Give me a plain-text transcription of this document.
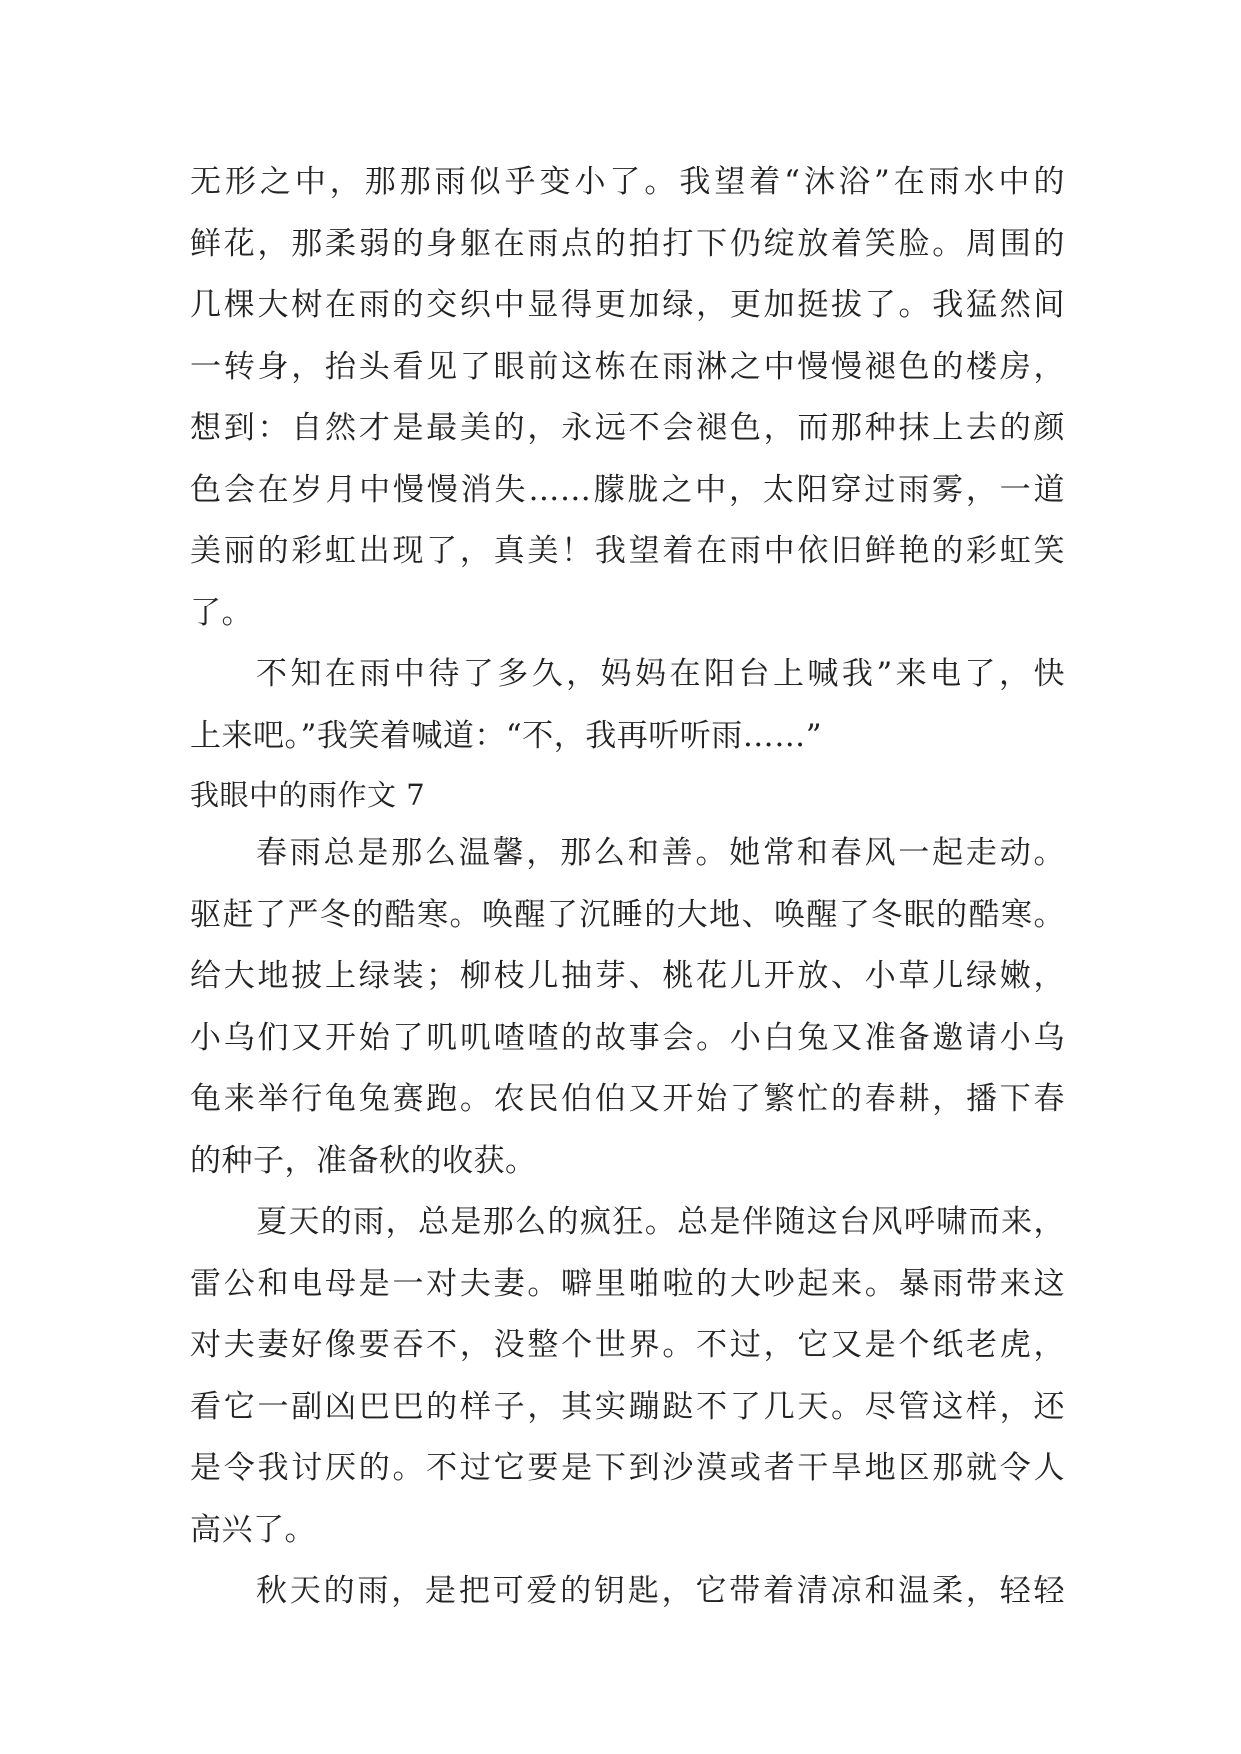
无形之中，那那雨似乎变小了。我望着“沐浴”在雨水中的
鲜花，那柔弱的身躯在雨点的拍打下仍绽放着笑脸。周围的
几棵大树在雨的交织中显得更加绿，更加挺拔了。我猛然间
一转身，抬头看见了眼前这栋在雨淋之中慢慢褪色的楼房，
想到：自然才是最美的，永远不会褪色，而那种抹上去的颜
色会在岁月中慢慢消失……朦胧之中，太阳穿过雨雾，一道
美丽的彩虹出现了，真美！我望着在雨中依旧鲜艳的彩虹笑
了。
不知在雨中待了多久，妈妈在阳台上喊我”来电了，快
上来吧。”我笑着喊道：“不，我再听听雨……”
我眼中的雨作文 7
春雨总是那么温馨，那么和善。她常和春风一起走动。
驱赶了严冬的酷寒。唤醒了沉睡的大地、唤醒了冬眠的酷寒。
给大地披上绿装；柳枝儿抽芽、桃花儿开放、小草儿绿嫩，
小乌们又开始了叽叽喳喳的故事会。小白兔又准备邀请小乌
龟来举行龟兔赛跑。农民伯伯又开始了繁忙的春耕，播下春
的种子，准备秋的收获。
夏天的雨，总是那么的疯狂。总是伴随这台风呼啸而来，
雷公和电母是一对夫妻。噼里啪啦的大吵起来。暴雨带来这
对夫妻好像要吞不，没整个世界。不过，它又是个纸老虎，
看它一副凶巴巴的样子，其实蹦跶不了几天。尽管这样，还
是令我讨厌的。不过它要是下到沙漠或者干旱地区那就令人
高兴了。
秋天的雨，是把可爱的钥匙，它带着清凉和温柔，轻轻
